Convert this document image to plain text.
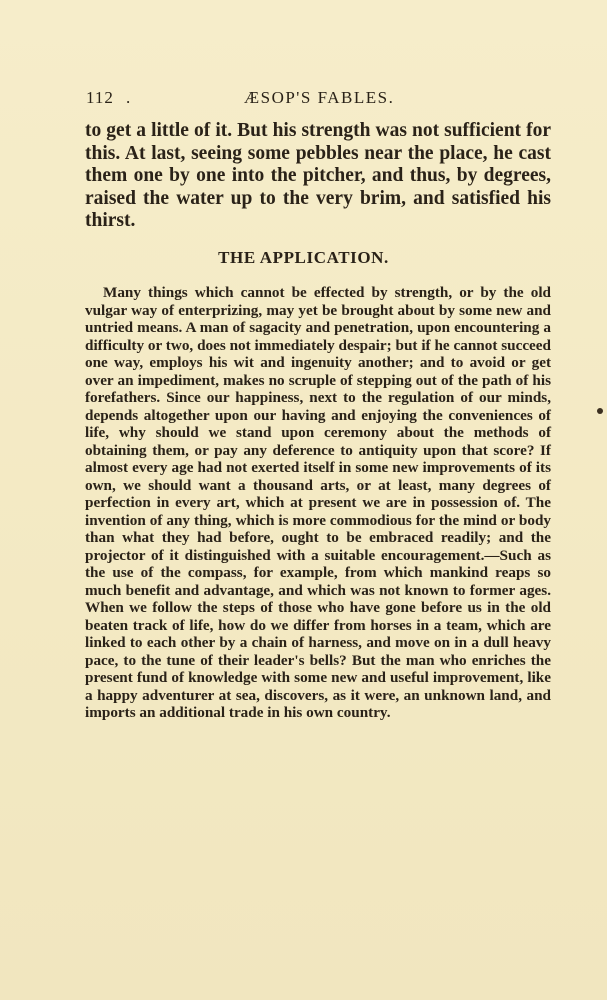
112 .	ÆSOP'S FABLES.

to get a little of it. But his strength was not sufficient for this. At last, seeing some pebbles near the place, he cast them one by one into the pitcher, and thus, by degrees, raised the water up to the very brim, and satisfied his thirst.

THE APPLICATION.

Many things which cannot be effected by strength, or by the old vulgar way of enterprizing, may yet be brought about by some new and untried means. A man of sagacity and penetration, upon encountering a difficulty or two, does not immediately despair; but if he cannot succeed one way, employs his wit and ingenuity another; and to avoid or get over an impediment, makes no scruple of stepping out of the path of his forefathers. Since our happiness, next to the regulation of our minds, depends altogether upon our having and enjoying the conveniences of life, why should we stand upon ceremony about the methods of obtaining them, or pay any deference to antiquity upon that score? If almost every age had not exerted itself in some new improvements of its own, we should want a thousand arts, or at least, many degrees of perfection in every art, which at present we are in possession of. The invention of any thing, which is more commodious for the mind or body than what they had before, ought to be embraced readily; and the projector of it distinguished with a suitable encouragement.—Such as the use of the compass, for example, from which mankind reaps so much benefit and advantage, and which was not known to former ages. When we follow the steps of those who have gone before us in the old beaten track of life, how do we differ from horses in a team, which are linked to each other by a chain of harness, and move on in a dull heavy pace, to the tune of their leader's bells? But the man who enriches the present fund of knowledge with some new and useful improvement, like a happy adventurer at sea, discovers, as it were, an unknown land, and imports an additional trade in his own country.
